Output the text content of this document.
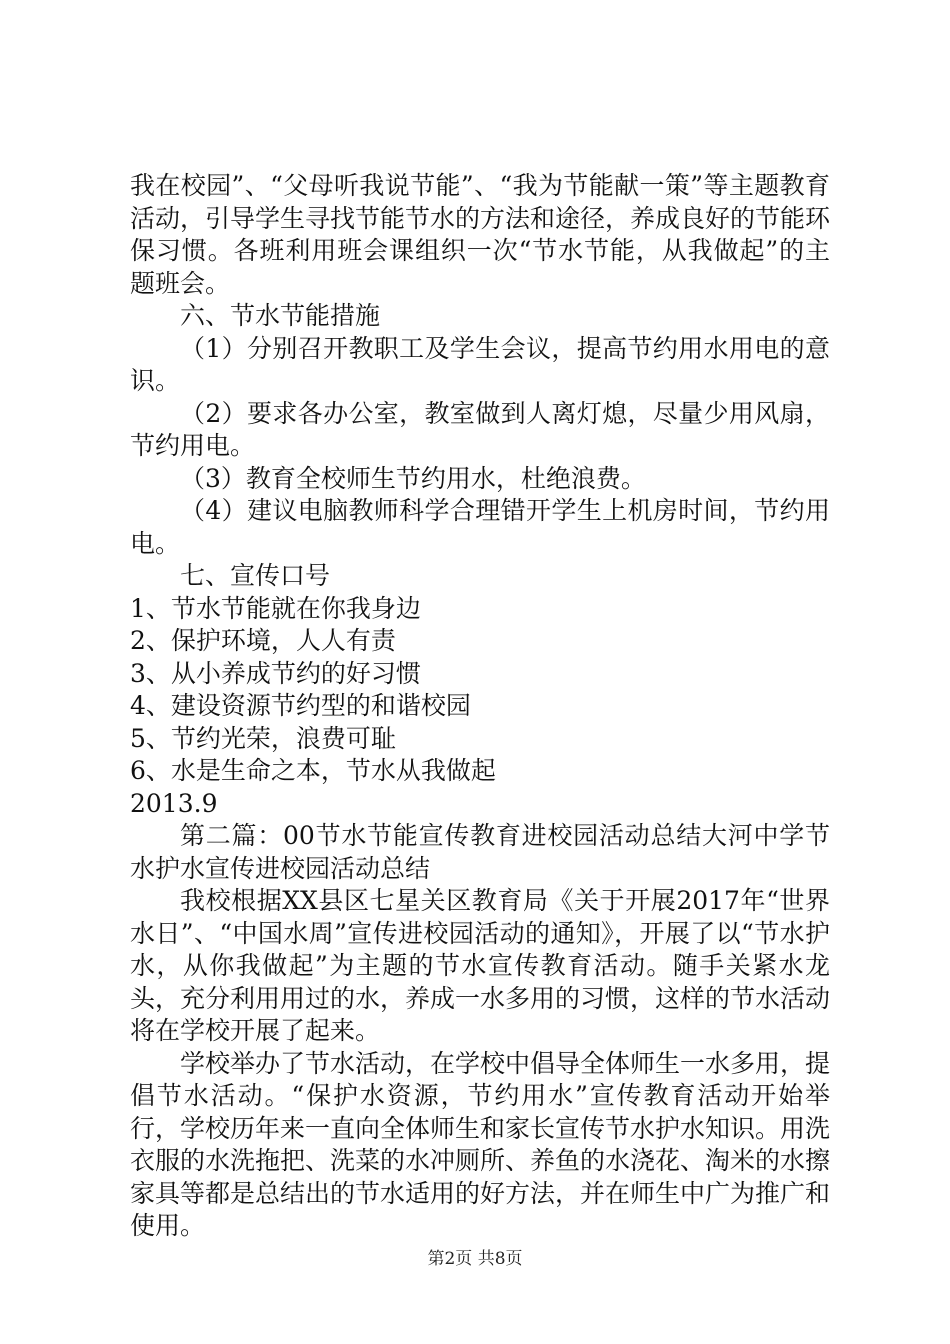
我在校园”、“父母听我说节能”、“我为节能献一策”等主题教育活动，引导学生寻找节能节水的方法和途径，养成良好的节能环保习惯。各班利用班会课组织一次“节水节能，从我做起”的主题班会。

六、节水节能措施

（1）分别召开教职工及学生会议，提高节约用水用电的意识。

（2）要求各办公室，教室做到人离灯熄，尽量少用风扇，节约用电。

（3）教育全校师生节约用水，杜绝浪费。

（4）建议电脑教师科学合理错开学生上机房时间，节约用电。

七、宣传口号

1、节水节能就在你我身边

2、保护环境，人人有责

3、从小养成节约的好习惯

4、建设资源节约型的和谐校园

5、节约光荣，浪费可耻

6、水是生命之本，节水从我做起

2013.9

第二篇：00节水节能宣传教育进校园活动总结大河中学节水护水宣传进校园活动总结

我校根据XX县区七星关区教育局《关于开展2017年“世界水日”、“中国水周”宣传进校园活动的通知》，开展了以“节水护水，从你我做起”为主题的节水宣传教育活动。随手关紧水龙头，充分利用用过的水，养成一水多用的习惯，这样的节水活动将在学校开展了起来。

学校举办了节水活动，在学校中倡导全体师生一水多用，提倡节水活动。“保护水资源，节约用水”宣传教育活动开始举行，学校历年来一直向全体师生和家长宣传节水护水知识。用洗衣服的水洗拖把、洗菜的水冲厕所、养鱼的水浇花、淘米的水擦家具等都是总结出的节水适用的好方法，并在师生中广为推广和使用。

第2页 共8页
